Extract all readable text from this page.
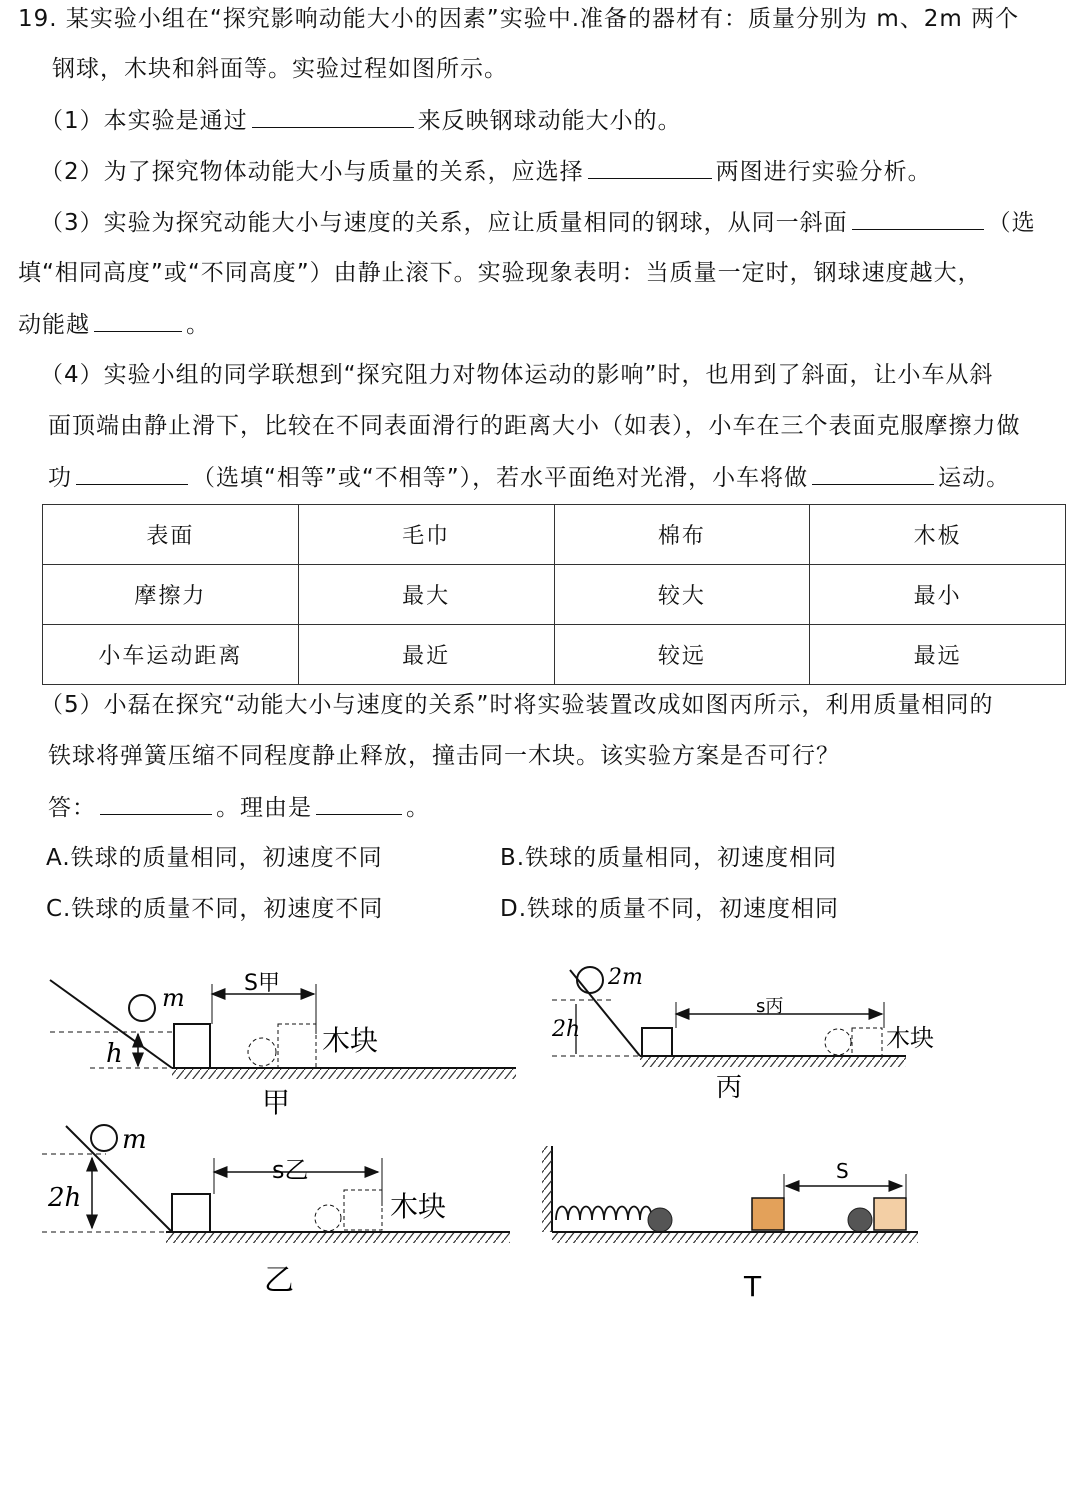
19. 某实验小组在“探究影响动能大小的因素”实验中.准备的器材有：质量分别为 m、2m 两个
钢球，木块和斜面等。实验过程如图所示。
（1）本实验是通过	来反映钢球动能大小的。
（2）为了探究物体动能大小与质量的关系，应选择	两图进行实验分析。
（3）实验为探究动能大小与速度的关系，应让质量相同的钢球，从同一斜面	（选
填“相同高度”或“不同高度”）由静止滚下。实验现象表明：当质量一定时，钢球速度越大，
动能越	。
（4）实验小组的同学联想到“探究阻力对物体运动的影响”时，也用到了斜面，让小车从斜
面顶端由静止滑下，比较在不同表面滑行的距离大小（如表），小车在三个表面克服摩擦力做
功	（选填“相等”或“不相等”），若水平面绝对光滑，小车将做	运动。
表面	毛巾	棉布	木板
摩擦力	最大	较大	最小
小车运动距离	最近	较远	最远
（5）小磊在探究“动能大小与速度的关系”时将实验装置改成如图丙所示，利用质量相同的
铁球将弹簧压缩不同程度静止释放，撞击同一木块。该实验方案是否可行？
答：	。理由是	。
A.铁球的质量相同，初速度不同	B.铁球的质量相同，初速度相同
C.铁球的质量不同，初速度不同	D.铁球的质量不同，初速度相同
m
h
S甲
木块
甲
2m
2h
s丙
木块
丙
m
2h
s乙
木块
乙
S
T
